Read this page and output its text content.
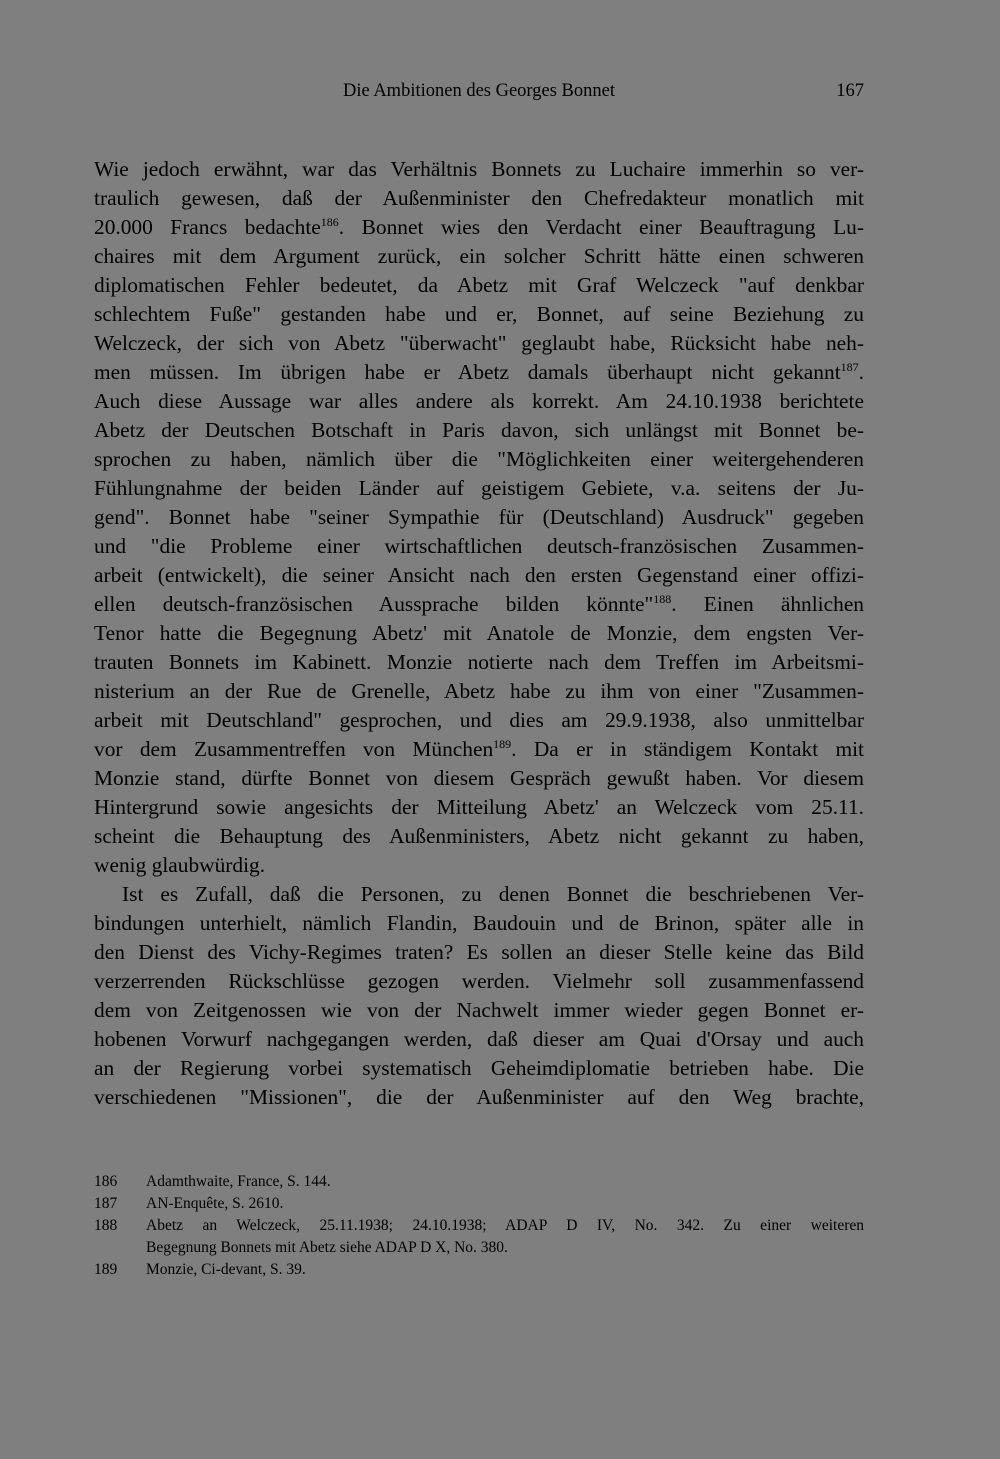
Die Ambitionen des Georges Bonnet	167
Wie jedoch erwähnt, war das Verhältnis Bonnets zu Luchaire immerhin so ver-
traulich gewesen, daß der Außenminister den Chefredakteur monatlich mit
20.000 Francs bedachte$^{186}$. Bonnet wies den Verdacht einer Beauftragung Lu-
chaires mit dem Argument zurück, ein solcher Schritt hätte einen schweren
diplomatischen Fehler bedeutet, da Abetz mit Graf Welczeck "auf denkbar
schlechtem Fuße" gestanden habe und er, Bonnet, auf seine Beziehung zu
Welczeck, der sich von Abetz "überwacht" geglaubt habe, Rücksicht habe neh-
men müssen. Im übrigen habe er Abetz damals überhaupt nicht gekannt$^{187}$.
Auch diese Aussage war alles andere als korrekt. Am 24.10.1938 berichtete
Abetz der Deutschen Botschaft in Paris davon, sich unlängst mit Bonnet be-
sprochen zu haben, nämlich über die "Möglichkeiten einer weitergehenderen
Fühlungnahme der beiden Länder auf geistigem Gebiete, v.a. seitens der Ju-
gend". Bonnet habe "seiner Sympathie für (Deutschland) Ausdruck" gegeben
und "die Probleme einer wirtschaftlichen deutsch-französischen Zusammen-
arbeit (entwickelt), die seiner Ansicht nach den ersten Gegenstand einer offizi-
ellen deutsch-französischen Aussprache bilden könnte"$^{188}$. Einen ähnlichen
Tenor hatte die Begegnung Abetz' mit Anatole de Monzie, dem engsten Ver-
trauten Bonnets im Kabinett. Monzie notierte nach dem Treffen im Arbeitsmi-
nisterium an der Rue de Grenelle, Abetz habe zu ihm von einer "Zusammen-
arbeit mit Deutschland" gesprochen, und dies am 29.9.1938, also unmittelbar
vor dem Zusammentreffen von München$^{189}$. Da er in ständigem Kontakt mit
Monzie stand, dürfte Bonnet von diesem Gespräch gewußt haben. Vor diesem
Hintergrund sowie angesichts der Mitteilung Abetz' an Welczeck vom 25.11.
scheint die Behauptung des Außenministers, Abetz nicht gekannt zu haben,
wenig glaubwürdig.
Ist es Zufall, daß die Personen, zu denen Bonnet die beschriebenen Ver-
bindungen unterhielt, nämlich Flandin, Baudouin und de Brinon, später alle in
den Dienst des Vichy-Regimes traten? Es sollen an dieser Stelle keine das Bild
verzerrenden Rückschlüsse gezogen werden. Vielmehr soll zusammenfassend
dem von Zeitgenossen wie von der Nachwelt immer wieder gegen Bonnet er-
hobenen Vorwurf nachgegangen werden, daß dieser am Quai d'Orsay und auch
an der Regierung vorbei systematisch Geheimdiplomatie betrieben habe. Die
verschiedenen "Missionen", die der Außenminister auf den Weg brachte,
186	Adamthwaite, France, S. 144.
187	AN-Enquête, S. 2610.
188	Abetz an Welczeck, 25.11.1938; 24.10.1938; ADAP D IV, No. 342. Zu einer weiteren
Begegnung Bonnets mit Abetz siehe ADAP D X, No. 380.
189	Monzie, Ci-devant, S. 39.
